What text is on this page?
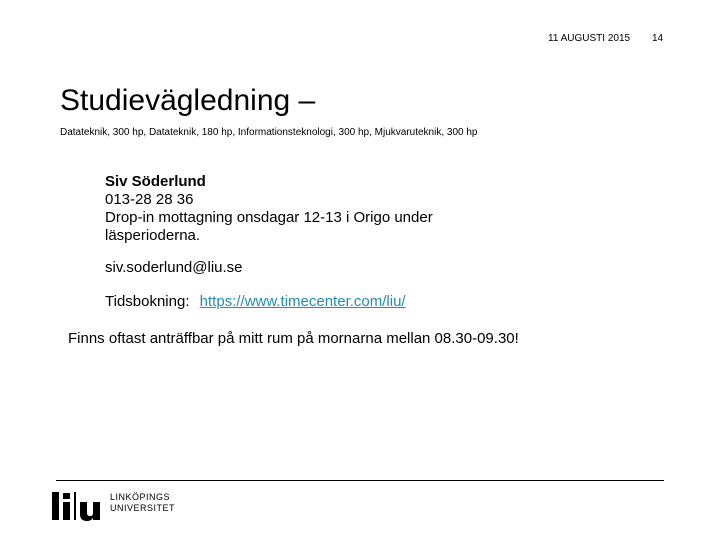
11 AUGUSTI 2015 14
Studievägledning –
Datateknik, 300 hp, Datateknik, 180 hp, Informationsteknologi, 300 hp, Mjukvaruteknik, 300 hp
Siv Söderlund
013-28 28 36
Drop-in mottagning onsdagar 12-13 i Origo under läsperioderna.
siv.soderlund@liu.se
Tidsbokning: https://www.timecenter.com/liu/
Finns oftast anträffbar på mitt rum på mornarna mellan 08.30-09.30!
LINKÖPINGS
UNIVERSITET
